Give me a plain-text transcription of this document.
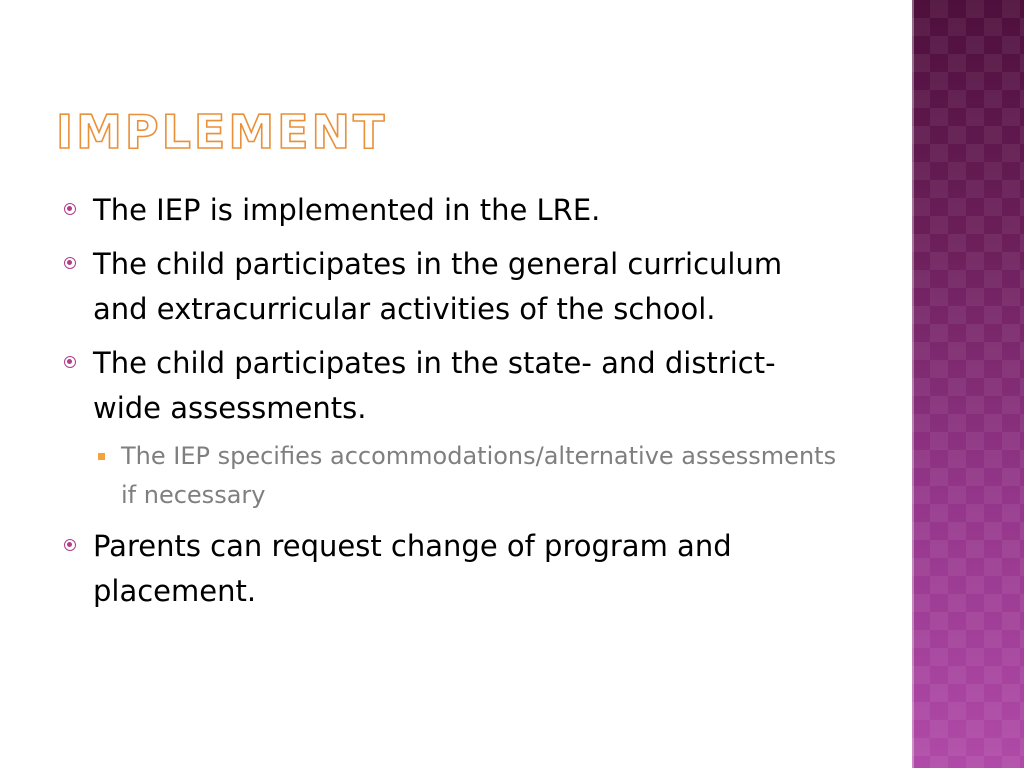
IMPLEMENT
The IEP is implemented in the LRE.
The child participates in the general curriculum and extracurricular activities of the school.
The child participates in the state- and district-wide assessments.
The IEP specifies accommodations/alternative assessments if necessary
Parents can request change of program and placement.
